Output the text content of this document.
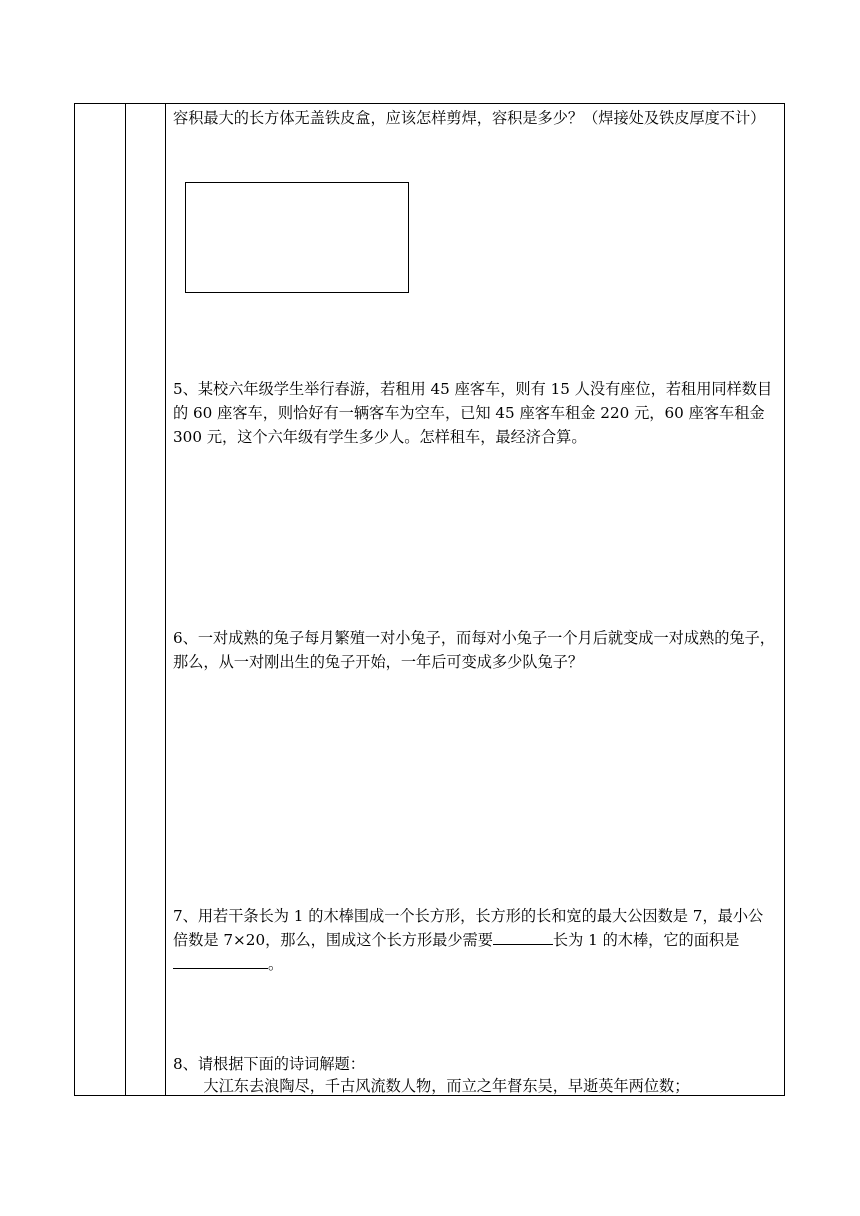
容积最大的长方体无盖铁皮盒，应该怎样剪焊，容积是多少？（焊接处及铁皮厚度不计）

5、某校六年级学生举行春游，若租用 45 座客车，则有 15 人没有座位，若租用同样数目的 60 座客车，则恰好有一辆客车为空车，已知 45 座客车租金 220 元，60 座客车租金 300 元，这个六年级有学生多少人。怎样租车，最经济合算。

6、一对成熟的兔子每月繁殖一对小兔子，而每对小兔子一个月后就变成一对成熟的兔子，那么，从一对刚出生的兔子开始，一年后可变成多少队兔子？

7、用若干条长为 1 的木棒围成一个长方形，长方形的长和宽的最大公因数是 7，最小公倍数是 7×20，那么，围成这个长方形最少需要	长为 1 的木棒，它的面积是。

8、请根据下面的诗词解题：

大江东去浪陶尽，千古风流数人物，而立之年督东吴，早逝英年两位数；
